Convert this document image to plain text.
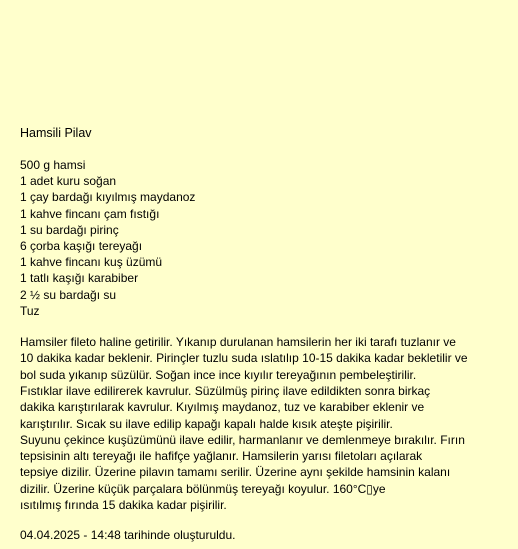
Hamsili Pilav
500 g hamsi
1 adet kuru soğan
1 çay bardağı kıyılmış maydanoz
1 kahve fincanı çam fıstığı
1 su bardağı pirinç
6 çorba kaşığı tereyağı
1 kahve fincanı kuş üzümü
1 tatlı kaşığı karabiber
2 ½ su bardağı su
Tuz

Hamsiler fileto haline getirilir. Yıkanıp durulanan hamsilerin her iki tarafı tuzlanır ve
10 dakika kadar beklenir. Pirinçler tuzlu suda ıslatılıp 10-15 dakika kadar bekletilir ve
bol suda yıkanıp süzülür. Soğan ince ince kıyılır tereyağının pembeleştirilir.
Fıstıklar ilave edilirerek kavrulur. Süzülmüş pirinç ilave edildikten sonra birkaç
dakika karıştırılarak kavrulur. Kıyılmış maydanoz, tuz ve karabiber eklenir ve
karıştırılır. Sıcak su ilave edilip kapağı kapalı halde kısık ateşte pişirilir.
Suyunu çekince kuşüzümünü ilave edilir, harmanlanır ve demlenmeye bırakılır. Fırın
tepsisinin altı tereyağı ile hafifçe yağlanır. Hamsilerin yarısı filetoları açılarak
tepsiye dizilir. Üzerine pilavın tamamı serilir. Üzerine aynı şekilde hamsinin kalanı
dizilir. Üzerine küçük parçalara bölünmüş tereyağı koyulur. 160°C▯ye
ısıtılmış fırında 15 dakika kadar pişirilir.

04.04.2025 - 14:48 tarihinde oluşturuldu.
